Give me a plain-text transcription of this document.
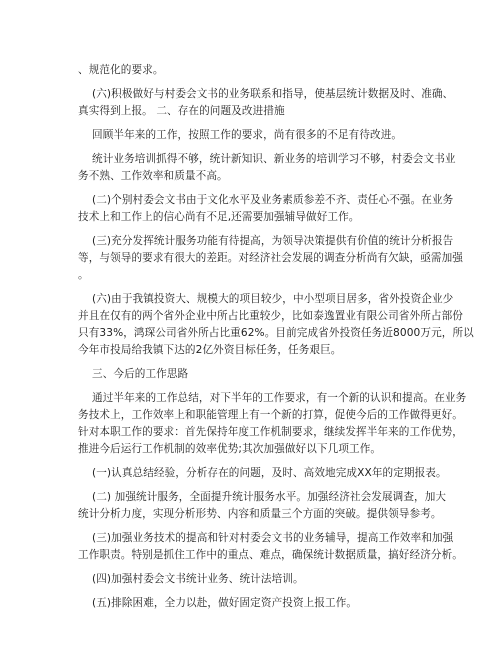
、规范化的要求。
(六)积极做好与村委会文书的业务联系和指导，使基层统计数据及时、准确、
真实得到上报。 二、存在的问题及改进措施
回顾半年来的工作，按照工作的要求，尚有很多的不足有待改进。
统计业务培训抓得不够，统计新知识、新业务的培训学习不够，村委会文书业
务不熟、工作效率和质量不高。
(二)个别村委会文书由于文化水平及业务素质参差不齐、责任心不强。在业务
技术上和工作上的信心尚有不足,还需要加强辅导做好工作。
(三)充分发挥统计服务功能有待提高，为领导决策提供有价值的统计分析报告
等，与领导的要求有很大的差距。对经济社会发展的调查分析尚有欠缺，亟需加强
。
(六)由于我镇投资大、规模大的项目较少，中小型项目居多，省外投资企业少
并且在仅有的两个省外企业中所占比重较少，比如泰逸置业有限公司省外所占部份
只有33%，鸿琛公司省外所占比重62%。目前完成省外投资任务近8000万元，所以
今年市投局给我镇下达的2亿外资目标任务，任务艰巨。
三、今后的工作思路
通过半年来的工作总结，对下半年的工作要求，有一个新的认识和提高。在业务
务技术上，工作效率上和职能管理上有一个新的打算，促使今后的工作做得更好。
针对本职工作的要求：首先保持年度工作机制要求，继续发挥半年来的工作优势，
推进今后运行工作机制的效率优势;其次加强做好以下几项工作。
(一)认真总结经验，分析存在的问题，及时、高效地完成XX年的定期报表。
(二) 加强统计服务，全面提升统计服务水平。加强经济社会发展调查，加大
统计分析力度，实现分析形势、内容和质量三个方面的突破。提供领导参考。
(三)加强业务技术的提高和针对村委会文书的业务辅导，提高工作效率和加强
工作职责。特别是抓住工作中的重点、难点，确保统计数据质量，搞好经济分析。
(四)加强村委会文书统计业务、统计法培训。
(五)排除困难，全力以赴，做好固定资产投资上报工作。
